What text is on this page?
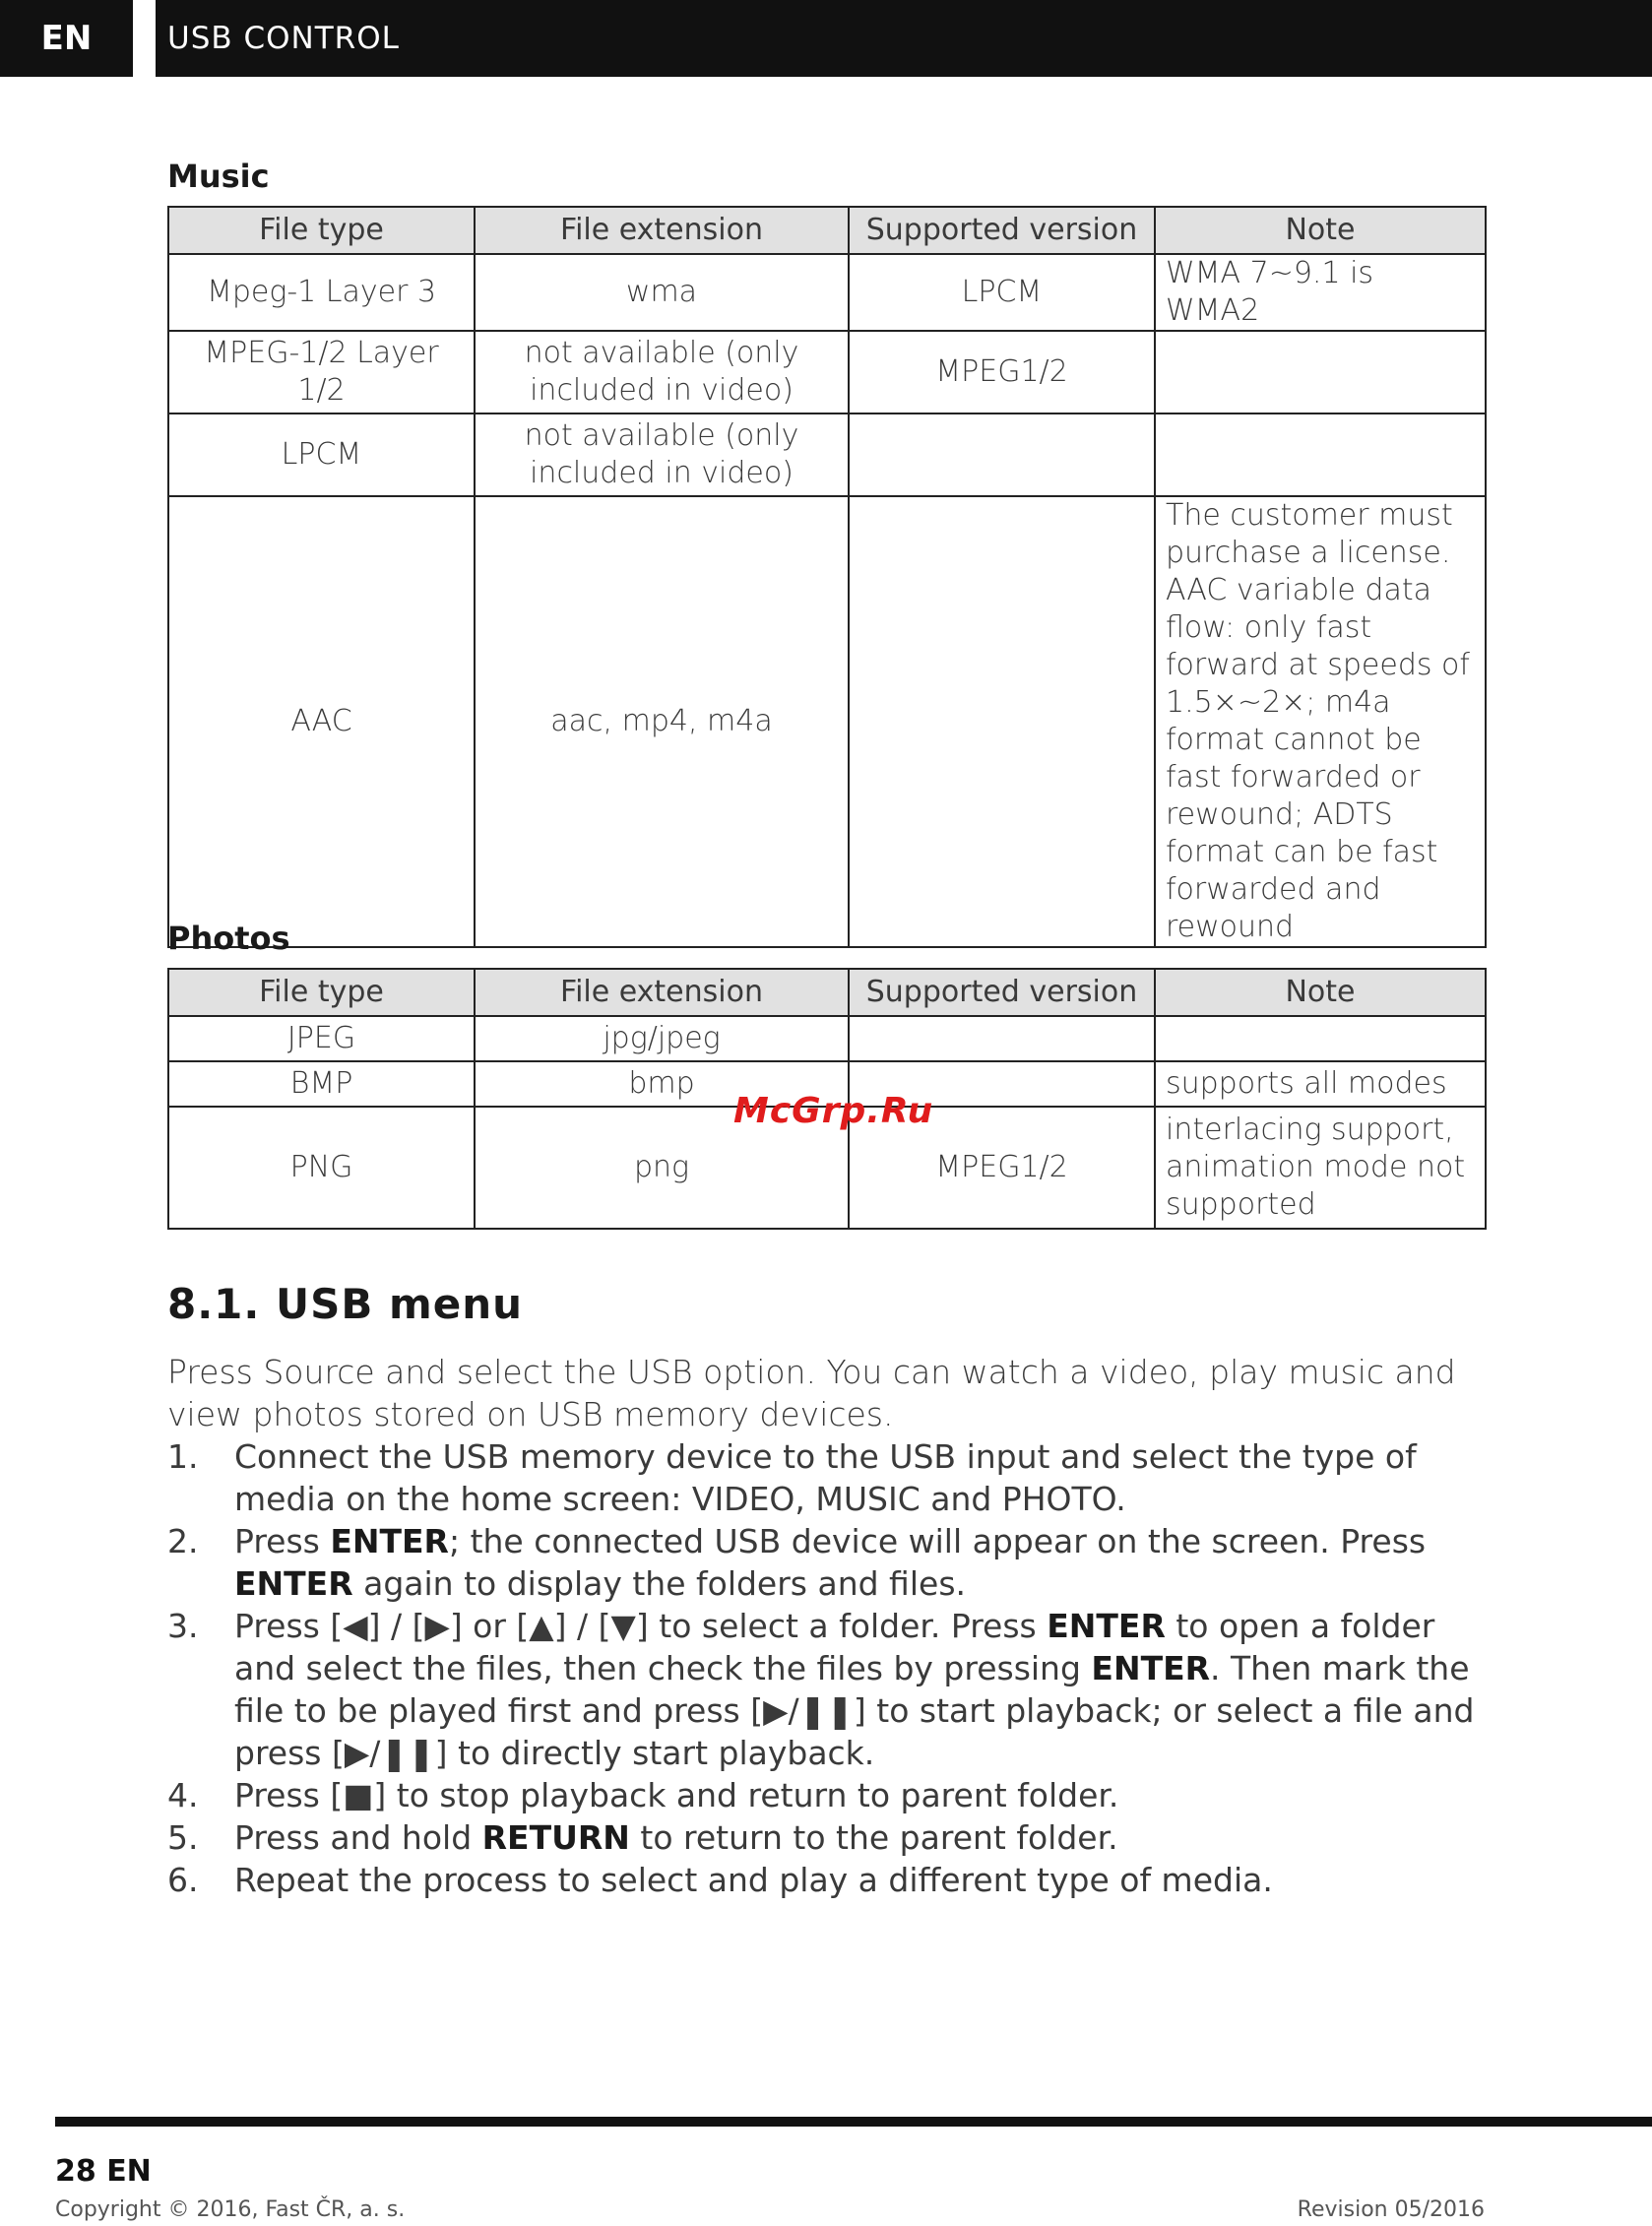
EN	USB CONTROL
Music
File type	File extension	Supported version	Note
Mpeg-1 Layer 3	wma	LPCM	WMA 7~9.1 is WMA2
MPEG-1/2 Layer 1/2	not available (only included in video)	MPEG1/2	
LPCM	not available (only included in video)		
AAC	aac, mp4, m4a		The customer must purchase a license. AAC variable data flow: only fast forward at speeds of 1.5×~2×; m4a format cannot be fast forwarded or rewound; ADTS format can be fast forwarded and rewound
Photos
File type	File extension	Supported version	Note
JPEG	jpg/jpeg		
BMP	bmp		supports all modes
PNG	png	MPEG1/2	interlacing support, animation mode not supported
McGrp.Ru
8.1. USB menu
Press Source and select the USB option. You can watch a video, play music and view photos stored on USB memory devices.
1. Connect the USB memory device to the USB input and select the type of media on the home screen: VIDEO, MUSIC and PHOTO.
2. Press ENTER; the connected USB device will appear on the screen. Press ENTER again to display the folders and files.
3. Press [◀] / [▶] or [▲] / [▼] to select a folder. Press ENTER to open a folder and select the files, then check the files by pressing ENTER. Then mark the file to be played first and press [▶/❚❚] to start playback; or select a file and press [▶/❚❚] to directly start playback.
4. Press [■] to stop playback and return to parent folder.
5. Press and hold RETURN to return to the parent folder.
6. Repeat the process to select and play a different type of media.
28 EN
Copyright © 2016, Fast ČR, a. s.	Revision 05/2016
